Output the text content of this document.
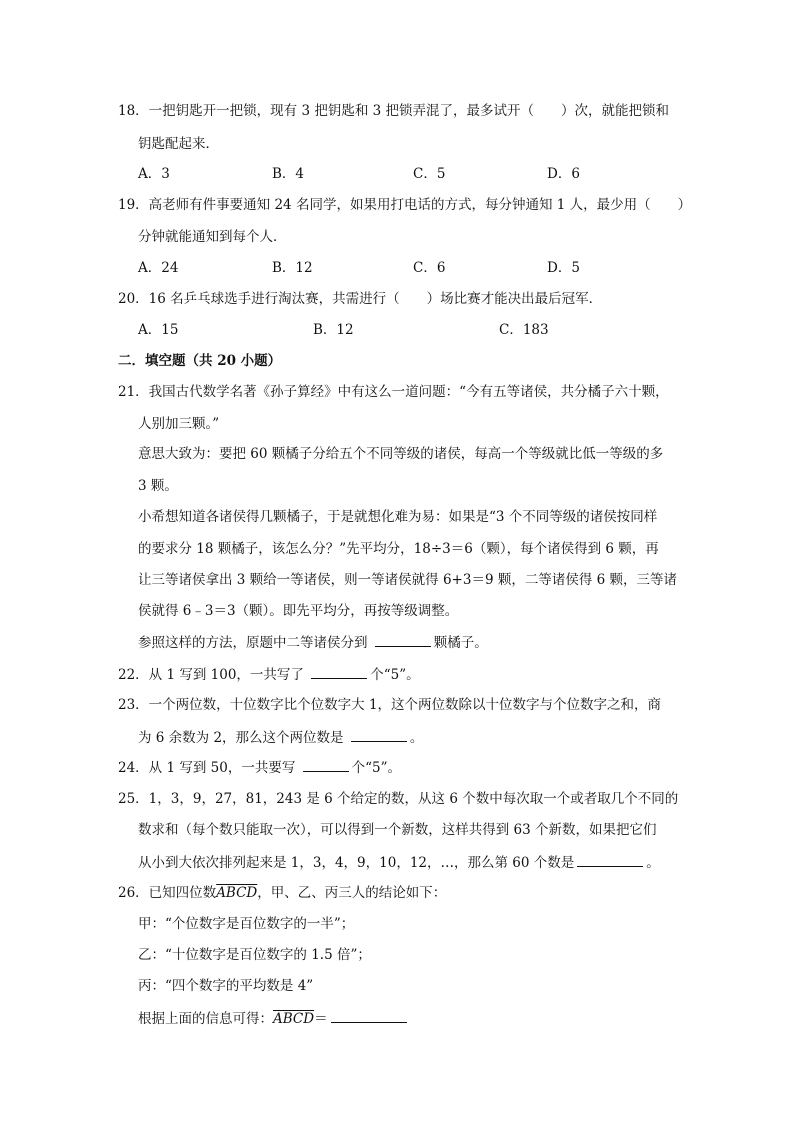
18．一把钥匙开一把锁，现有 3 把钥匙和 3 把锁弄混了，最多试开（　　）次，就能把锁和
钥匙配起来．
A．3	B．4	C．5	D．6
19．高老师有件事要通知 24 名同学，如果用打电话的方式，每分钟通知 1 人，最少用（　　）
分钟就能通知到每个人．
A．24	B．12	C．6	D．5
20．16 名乒乓球选手进行淘汰赛，共需进行（　　）场比赛才能决出最后冠军．
A．15	B．12	C．183
二．填空题（共 20 小题）
21．我国古代数学名著《孙子算经》中有这么一道问题：“今有五等诸侯，共分橘子六十颗，
人别加三颗。”
意思大致为：要把 60 颗橘子分给五个不同等级的诸侯，每高一个等级就比低一等级的多
3 颗。
小希想知道各诸侯得几颗橘子，于是就想化难为易：如果是“3 个不同等级的诸侯按同样
的要求分 18 颗橘子，该怎么分？”先平均分，18÷3＝6（颗），每个诸侯得到 6 颗，再
让三等诸侯拿出 3 颗给一等诸侯，则一等诸侯就得 6+3＝9 颗，二等诸侯得 6 颗，三等诸
侯就得 6﹣3＝3（颗）。即先平均分，再按等级调整。
参照这样的方法，原题中二等诸侯分到	颗橘子。
22．从 1 写到 100，一共写了	个“5”。
23．一个两位数，十位数字比个位数字大 1，这个两位数除以十位数字与个位数字之和，商
为 6 余数为 2，那么这个两位数是	。
24．从 1 写到 50，一共要写	个“5”。
25．1，3，9，27，81，243 是 6 个给定的数，从这 6 个数中每次取一个或者取几个不同的
数求和（每个数只能取一次），可以得到一个新数，这样共得到 63 个新数，如果把它们
从小到大依次排列起来是 1，3，4，9，10，12，…，那么第 60 个数是	。
26．已知四位数ABCD，甲、乙、丙三人的结论如下：
甲：“个位数字是百位数字的一半”；
乙：“十位数字是百位数字的 1.5 倍”；
丙：“四个数字的平均数是 4”
根据上面的信息可得：ABCD＝
